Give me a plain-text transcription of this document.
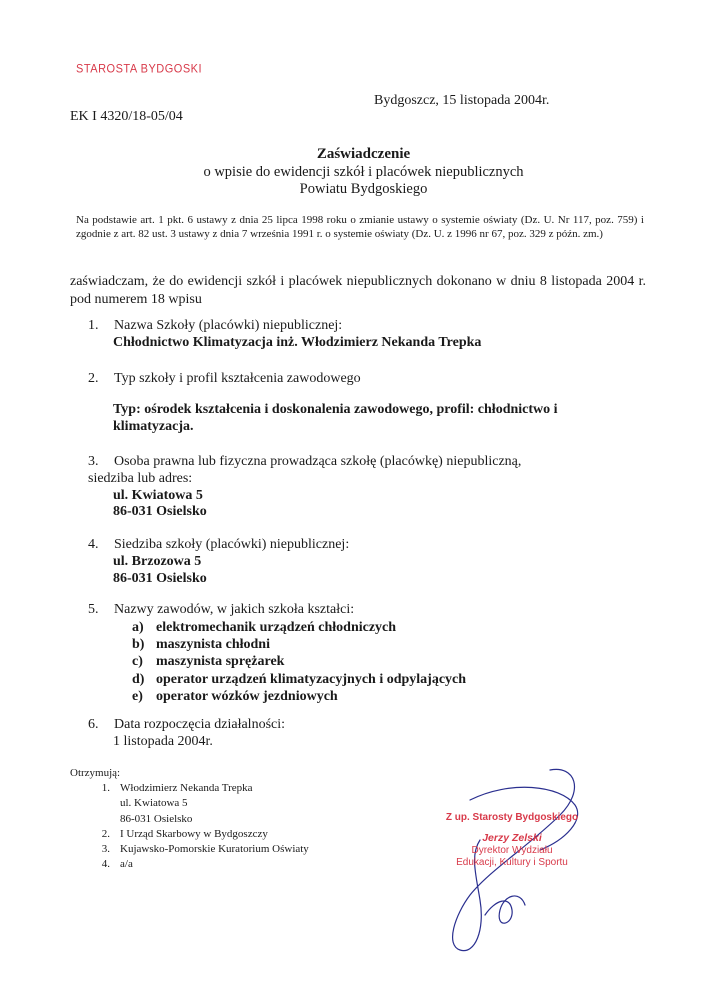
STAROSTA BYDGOSKI
EK I 4320/18-05/04
Bydgoszcz, 15 listopada 2004r.
Zaświadczenie
o wpisie do ewidencji szkół i placówek niepublicznych
Powiatu Bydgoskiego
Na podstawie art. 1 pkt. 6 ustawy z dnia 25 lipca 1998 roku o zmianie ustawy o systemie oświaty (Dz. U. Nr 117, poz. 759) i zgodnie z art. 82 ust. 3 ustawy z dnia 7 września 1991 r. o systemie oświaty (Dz. U. z 1996 nr 67, poz. 329 z późn. zm.)
zaświadczam, że do ewidencji szkół i placówek niepublicznych dokonano w dniu 8 listopada 2004 r. pod numerem 18 wpisu
1. Nazwa Szkoły (placówki) niepublicznej:
Chłodnictwo Klimatyzacja inż. Włodzimierz Nekanda Trepka
2. Typ szkoły i profil kształcenia zawodowego
Typ: ośrodek kształcenia i doskonalenia zawodowego, profil: chłodnictwo i klimatyzacja.
3. Osoba prawna lub fizyczna prowadząca szkołę (placówkę) niepubliczną, siedziba lub adres:
ul. Kwiatowa 5
86-031 Osielsko
4. Siedziba szkoły (placówki) niepublicznej:
ul. Brzozowa 5
86-031 Osielsko
5. Nazwy zawodów, w jakich szkoła kształci:
a) elektromechanik urządzeń chłodniczych
b) maszynista chłodni
c) maszynista sprężarek
d) operator urządzeń klimatyzacyjnych i odpylających
e) operator wózków jezdniowych
6. Data rozpoczęcia działalności:
1 listopada 2004r.
Otrzymują:
1. Włodzimierz Nekanda Trepka
ul. Kwiatowa 5
86-031 Osielsko
2. I Urząd Skarbowy w Bydgoszczy
3. Kujawsko-Pomorskie Kuratorium Oświaty
4. a/a
Z up. Starosty Bydgoskiego
Jerzy Zelski
Dyrektor Wydziału
Edukacji, Kultury i Sportu
